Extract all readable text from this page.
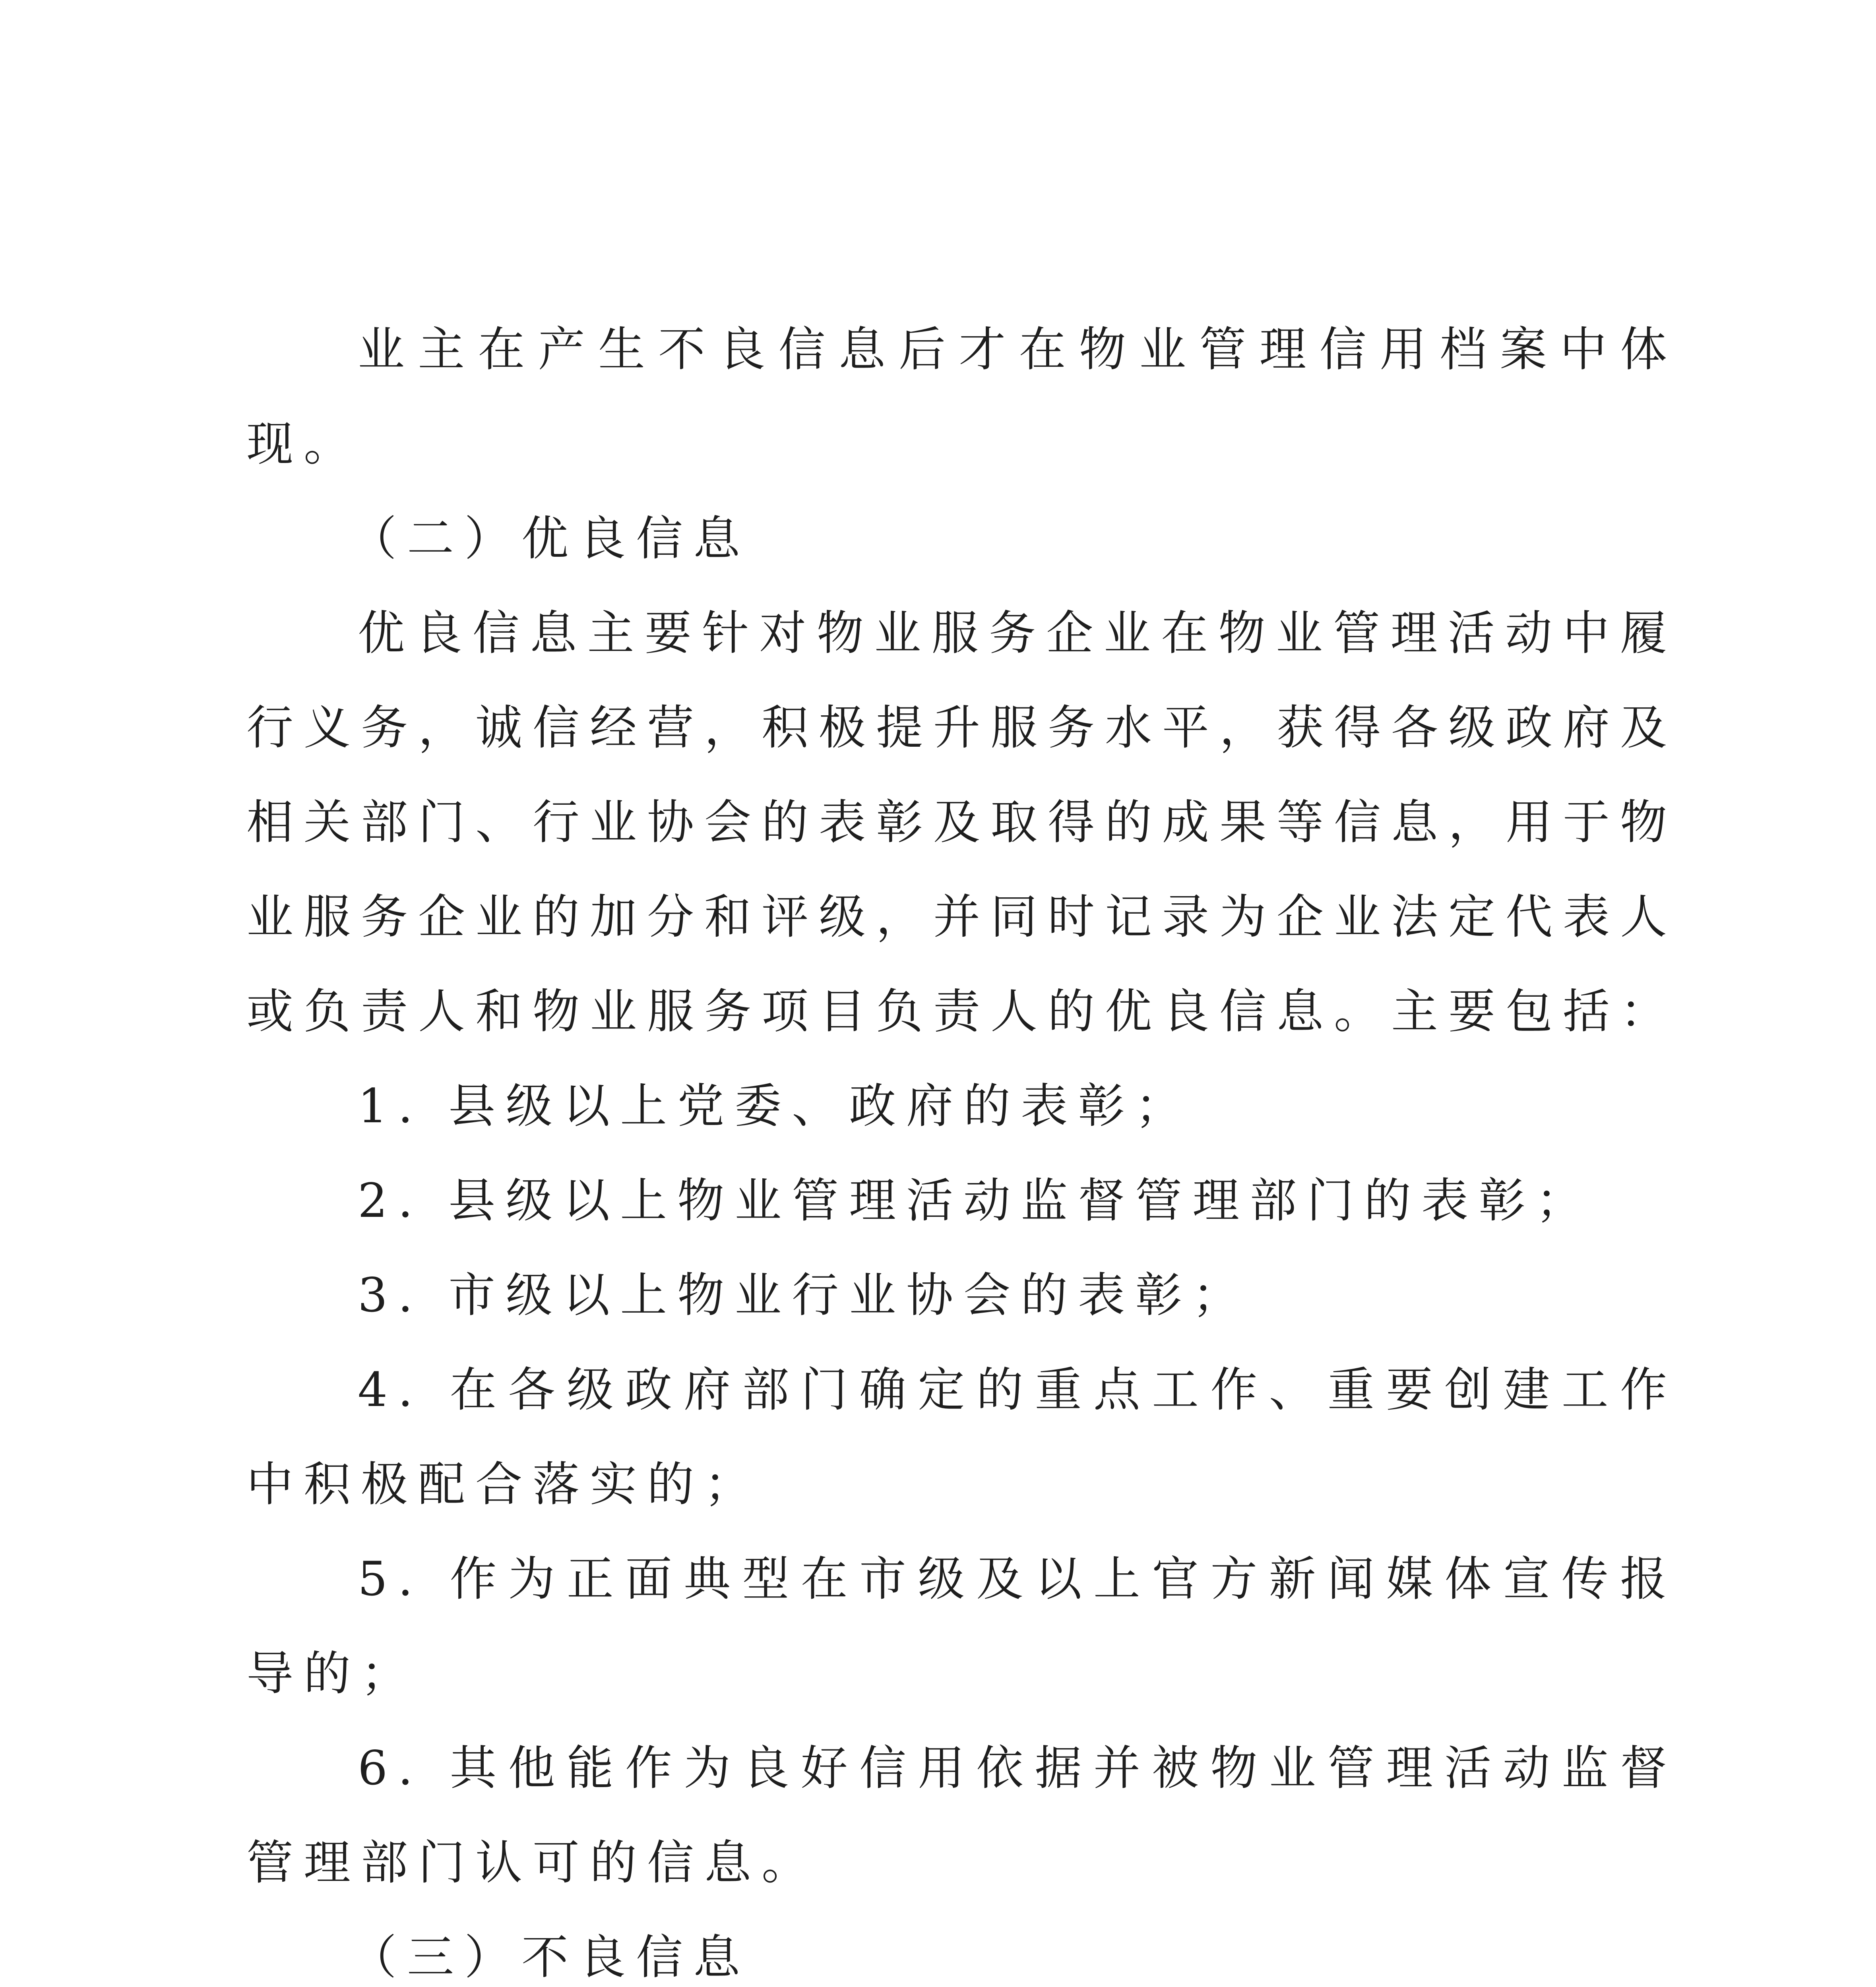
业主在产生不良信息后才在物业管理信用档案中体现。

（二）优良信息

优良信息主要针对物业服务企业在物业管理活动中履行义务，诚信经营，积极提升服务水平，获得各级政府及相关部门、行业协会的表彰及取得的成果等信息，用于物业服务企业的加分和评级，并同时记录为企业法定代表人或负责人和物业服务项目负责人的优良信息。主要包括：

1. 县级以上党委、政府的表彰；

2. 县级以上物业管理活动监督管理部门的表彰；

3. 市级以上物业行业协会的表彰；

4. 在各级政府部门确定的重点工作、重要创建工作中积极配合落实的；

5. 作为正面典型在市级及以上官方新闻媒体宣传报导的；

6. 其他能作为良好信用依据并被物业管理活动监督管理部门认可的信息。

（三）不良信息
